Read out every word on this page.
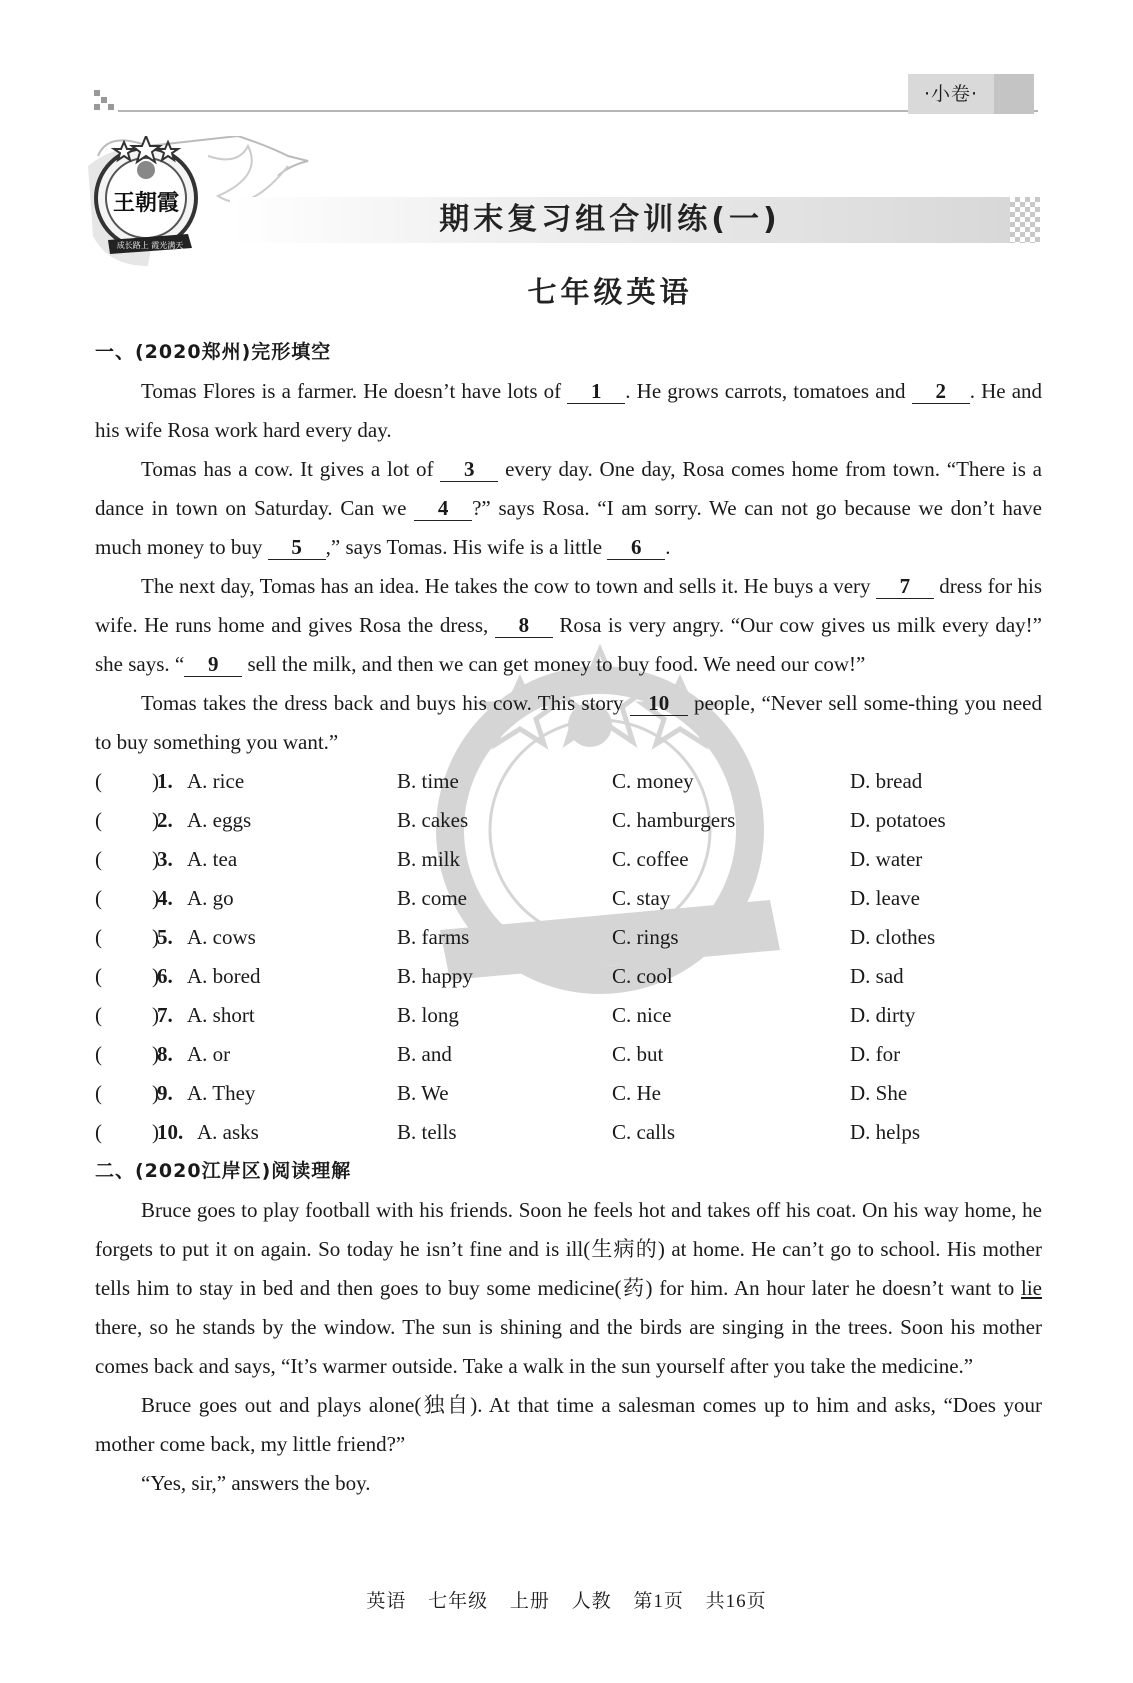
·小卷·
王朝霞
成长路上 霞光满天
期末复习组合训练(一)
七年级英语

一、(2020郑州)完形填空

Tomas Flores is a farmer. He doesn’t have lots of 1 . He grows carrots, tomatoes and 2 . He and his wife Rosa work hard every day.

Tomas has a cow. It gives a lot of 3 every day. One day, Rosa comes home from town. “There is a dance in town on Saturday. Can we 4 ?” says Rosa. “I am sorry. We can not go because we don’t have much money to buy 5 ,” says Tomas. His wife is a little 6 .

The next day, Tomas has an idea. He takes the cow to town and sells it. He buys a very 7 dress for his wife. He runs home and gives Rosa the dress, 8 Rosa is very angry. “Our cow gives us milk every day!” she says. “ 9 sell the milk, and then we can get money to buy food. We need our cow!”

Tomas takes the dress back and buys his cow. This story 10 people, “Never sell some-thing you need to buy something you want.”

( )
1. A. rice	B. time	C. money	D. bread
( )
2. A. eggs	B. cakes	C. hamburgers	D. potatoes
( )
3. A. tea	B. milk	C. coffee	D. water
( )
4. A. go	B. come	C. stay	D. leave
( )
5. A. cows	B. farms	C. rings	D. clothes
( )
6. A. bored	B. happy	C. cool	D. sad
( )
7. A. short	B. long	C. nice	D. dirty
( )
8. A. or	B. and	C. but	D. for
( )
9. A. They	B. We	C. He	D. She
( )
10. A. asks	B. tells	C. calls	D. helps

二、(2020江岸区)阅读理解

Bruce goes to play football with his friends. Soon he feels hot and takes off his coat. On his way home, he forgets to put it on again. So today he isn’t fine and is ill(生病的) at home. He can’t go to school. His mother tells him to stay in bed and then goes to buy some medicine(药) for him. An hour later he doesn’t want to lie there, so he stands by the window. The sun is shining and the birds are singing in the trees. Soon his mother comes back and says, “It’s warmer outside. Take a walk in the sun yourself after you take the medicine.”

Bruce goes out and plays alone(独自). At that time a salesman comes up to him and asks, “Does your mother come back, my little friend?”

“Yes, sir,” answers the boy.

英语 七年级 上册 人教 第1页 共16页
